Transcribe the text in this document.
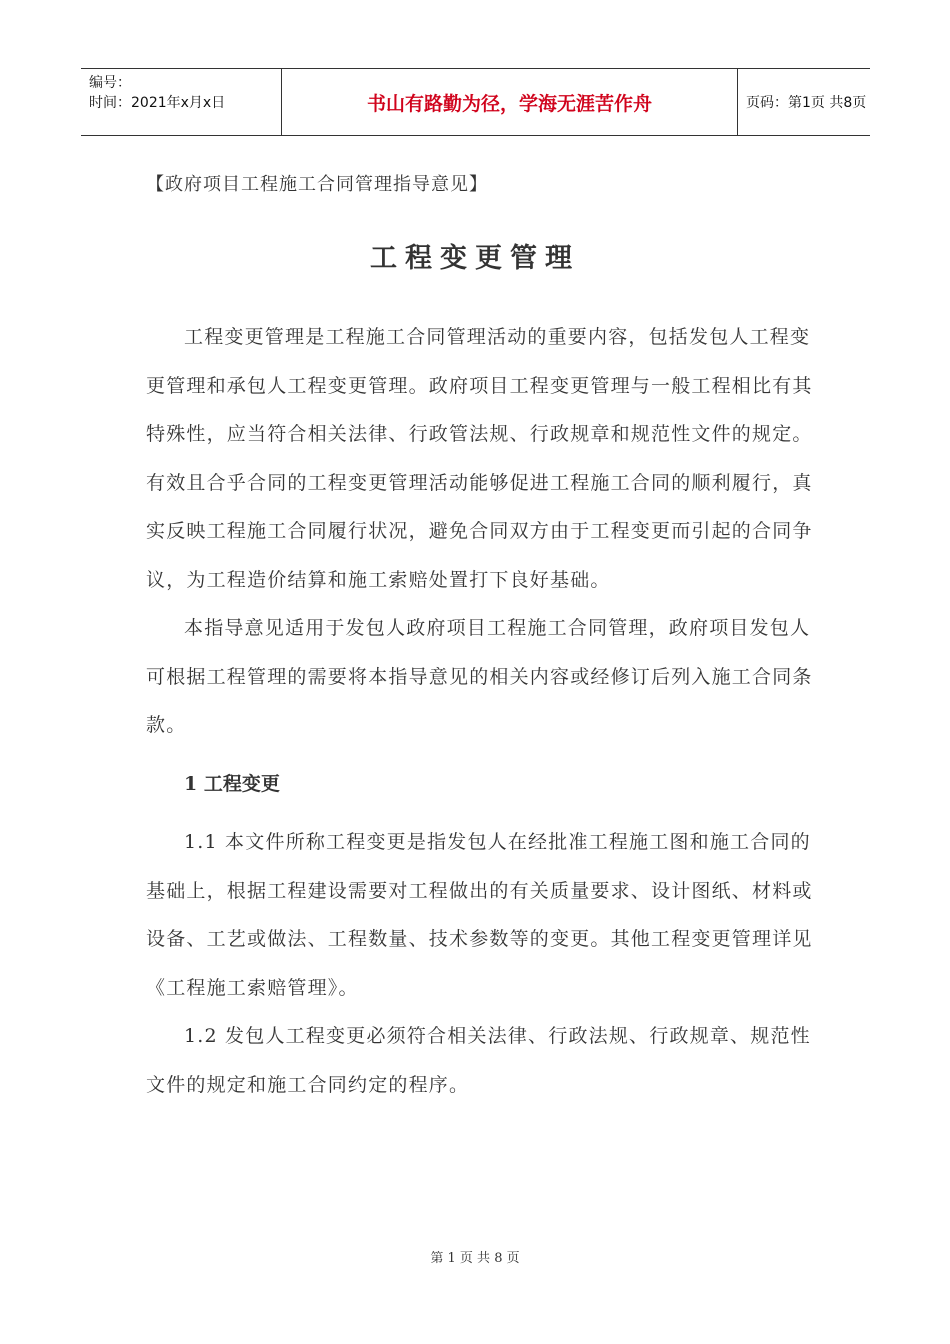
编号：
时间：2021年x月x日	书山有路勤为径，学海无涯苦作舟	页码：第1页 共8页
【政府项目工程施工合同管理指导意见】
工程变更管理

工程变更管理是工程施工合同管理活动的重要内容，包括发包人工程变更管理和承包人工程变更管理。政府项目工程变更管理与一般工程相比有其特殊性，应当符合相关法律、行政管法规、行政规章和规范性文件的规定。有效且合乎合同的工程变更管理活动能够促进工程施工合同的顺利履行，真实反映工程施工合同履行状况，避免合同双方由于工程变更而引起的合同争议，为工程造价结算和施工索赔处置打下良好基础。

本指导意见适用于发包人政府项目工程施工合同管理，政府项目发包人可根据工程管理的需要将本指导意见的相关内容或经修订后列入施工合同条款。

1 工程变更

1.1 本文件所称工程变更是指发包人在经批准工程施工图和施工合同的基础上，根据工程建设需要对工程做出的有关质量要求、设计图纸、材料或设备、工艺或做法、工程数量、技术参数等的变更。其他工程变更管理详见《工程施工索赔管理》。

1.2 发包人工程变更必须符合相关法律、行政法规、行政规章、规范性文件的规定和施工合同约定的程序。

第 1 页 共 8 页
